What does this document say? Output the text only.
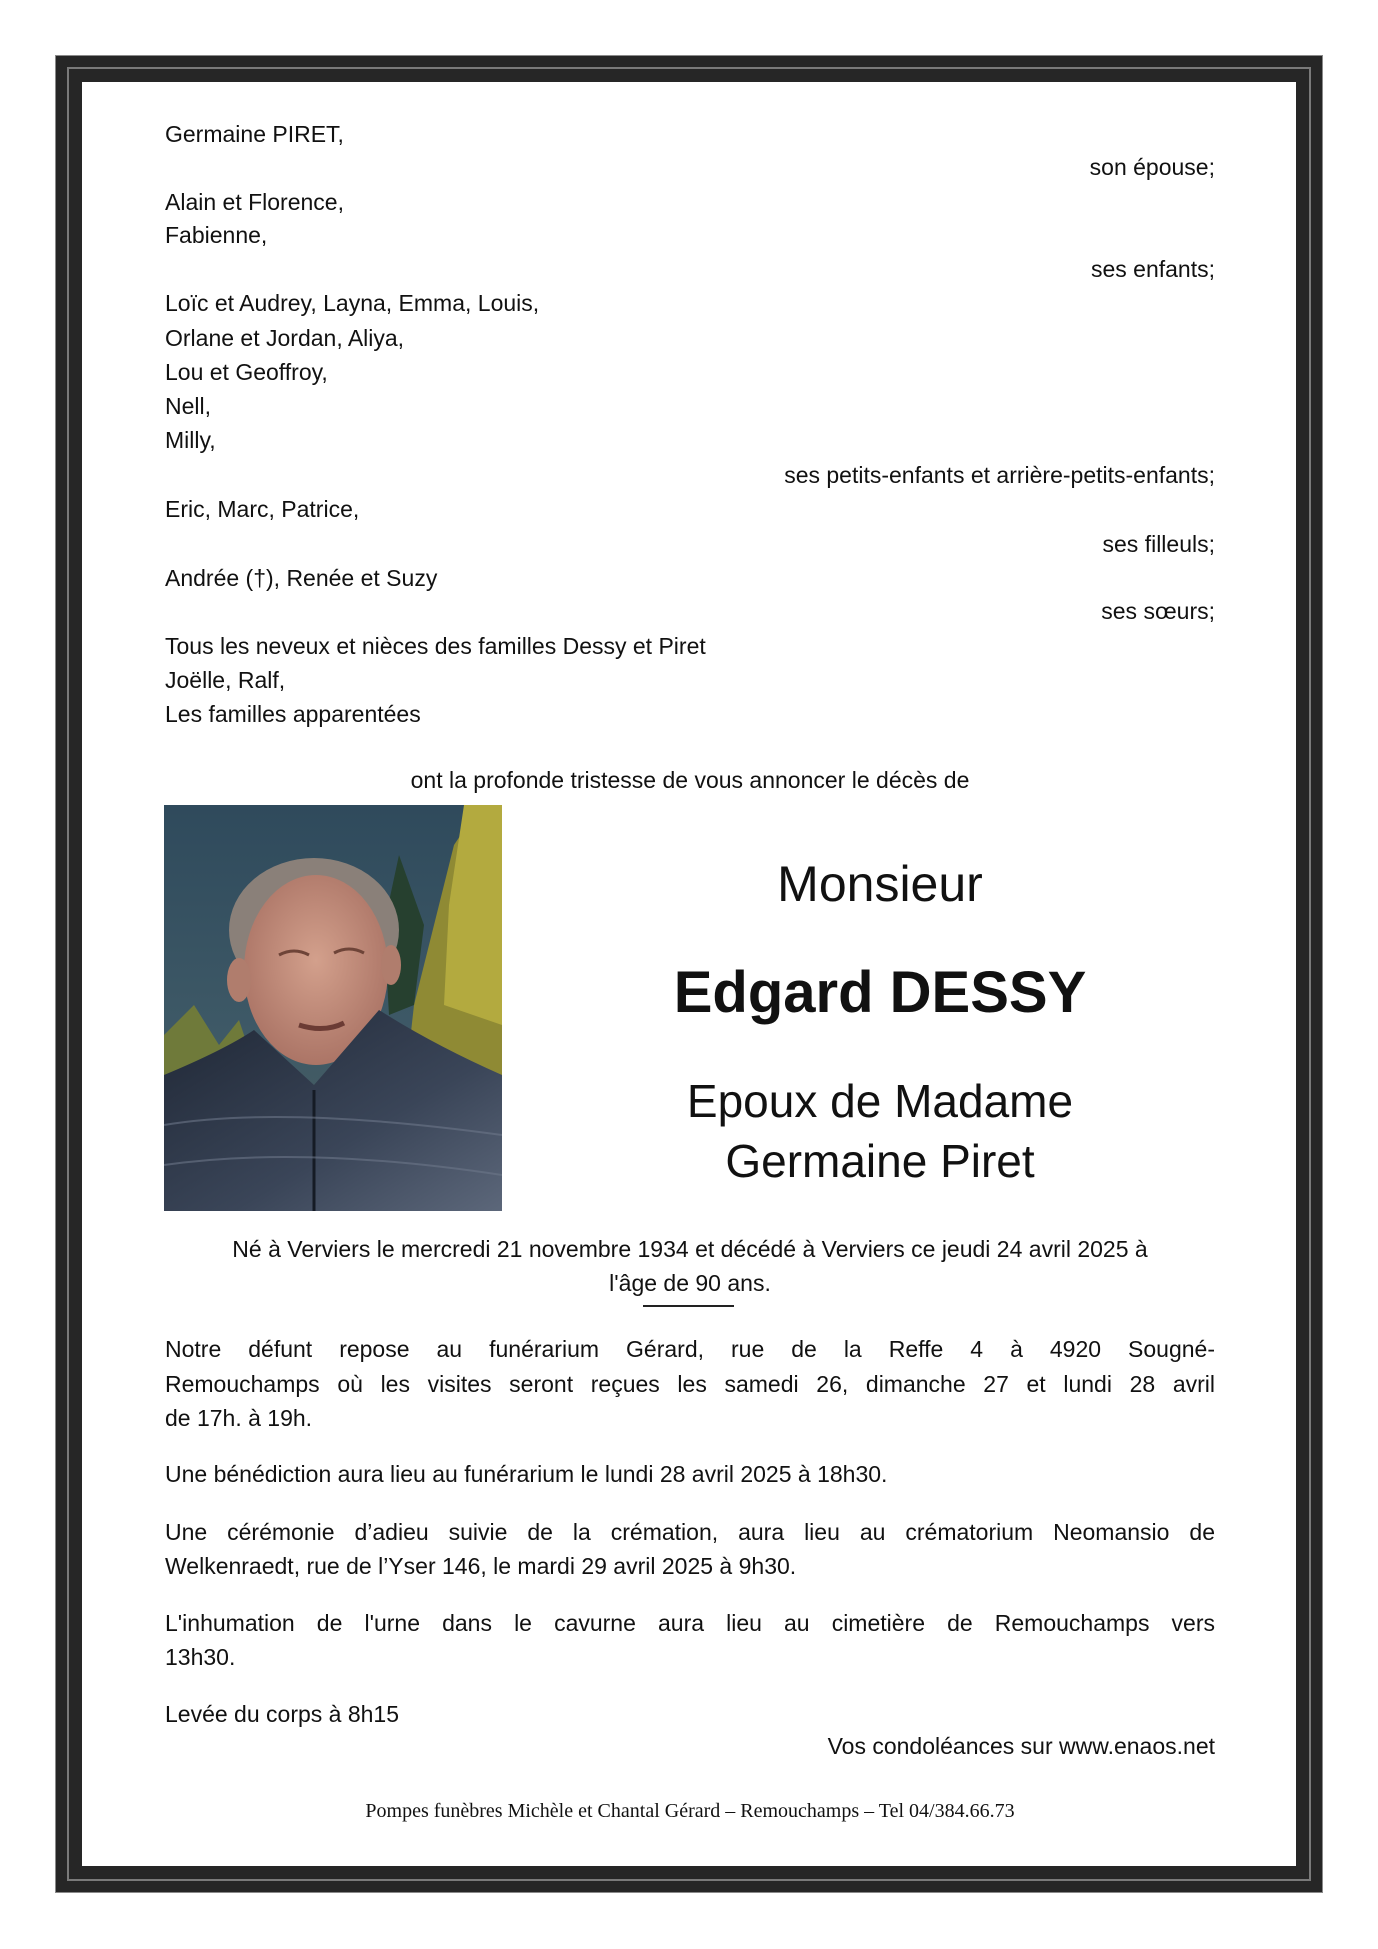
Germaine PIRET,
son épouse;
Alain et Florence,
Fabienne,
ses enfants;
Loïc et Audrey, Layna, Emma, Louis,
Orlane et Jordan, Aliya,
Lou et Geoffroy,
Nell,
Milly,
ses petits-enfants et arrière-petits-enfants;
Eric, Marc, Patrice,
ses filleuls;
Andrée (†), Renée et Suzy
ses sœurs;
Tous les neveux et nièces des familles Dessy et Piret
Joëlle, Ralf,
Les familles apparentées
ont la profonde tristesse de vous annoncer le décès de
Monsieur
Edgard DESSY
Epoux de Madame
Germaine Piret
Né à Verviers le mercredi 21 novembre 1934 et décédé à Verviers ce jeudi 24 avril 2025 à
l'âge de 90 ans.
Notre défunt repose au funérarium Gérard, rue de la Reffe 4 à 4920 Sougné-
Remouchamps où les visites seront reçues les samedi 26, dimanche 27 et lundi 28 avril
de 17h. à 19h.
Une bénédiction aura lieu au funérarium le lundi 28 avril 2025 à 18h30.
Une cérémonie d’adieu suivie de la crémation, aura lieu au crématorium Neomansio de
Welkenraedt, rue de l’Yser 146, le mardi 29 avril 2025 à 9h30.
L'inhumation de l'urne dans le cavurne aura lieu au cimetière de Remouchamps vers
13h30.
Levée du corps à 8h15
Vos condoléances sur www.enaos.net
Pompes funèbres Michèle et Chantal Gérard – Remouchamps – Tel 04/384.66.73
